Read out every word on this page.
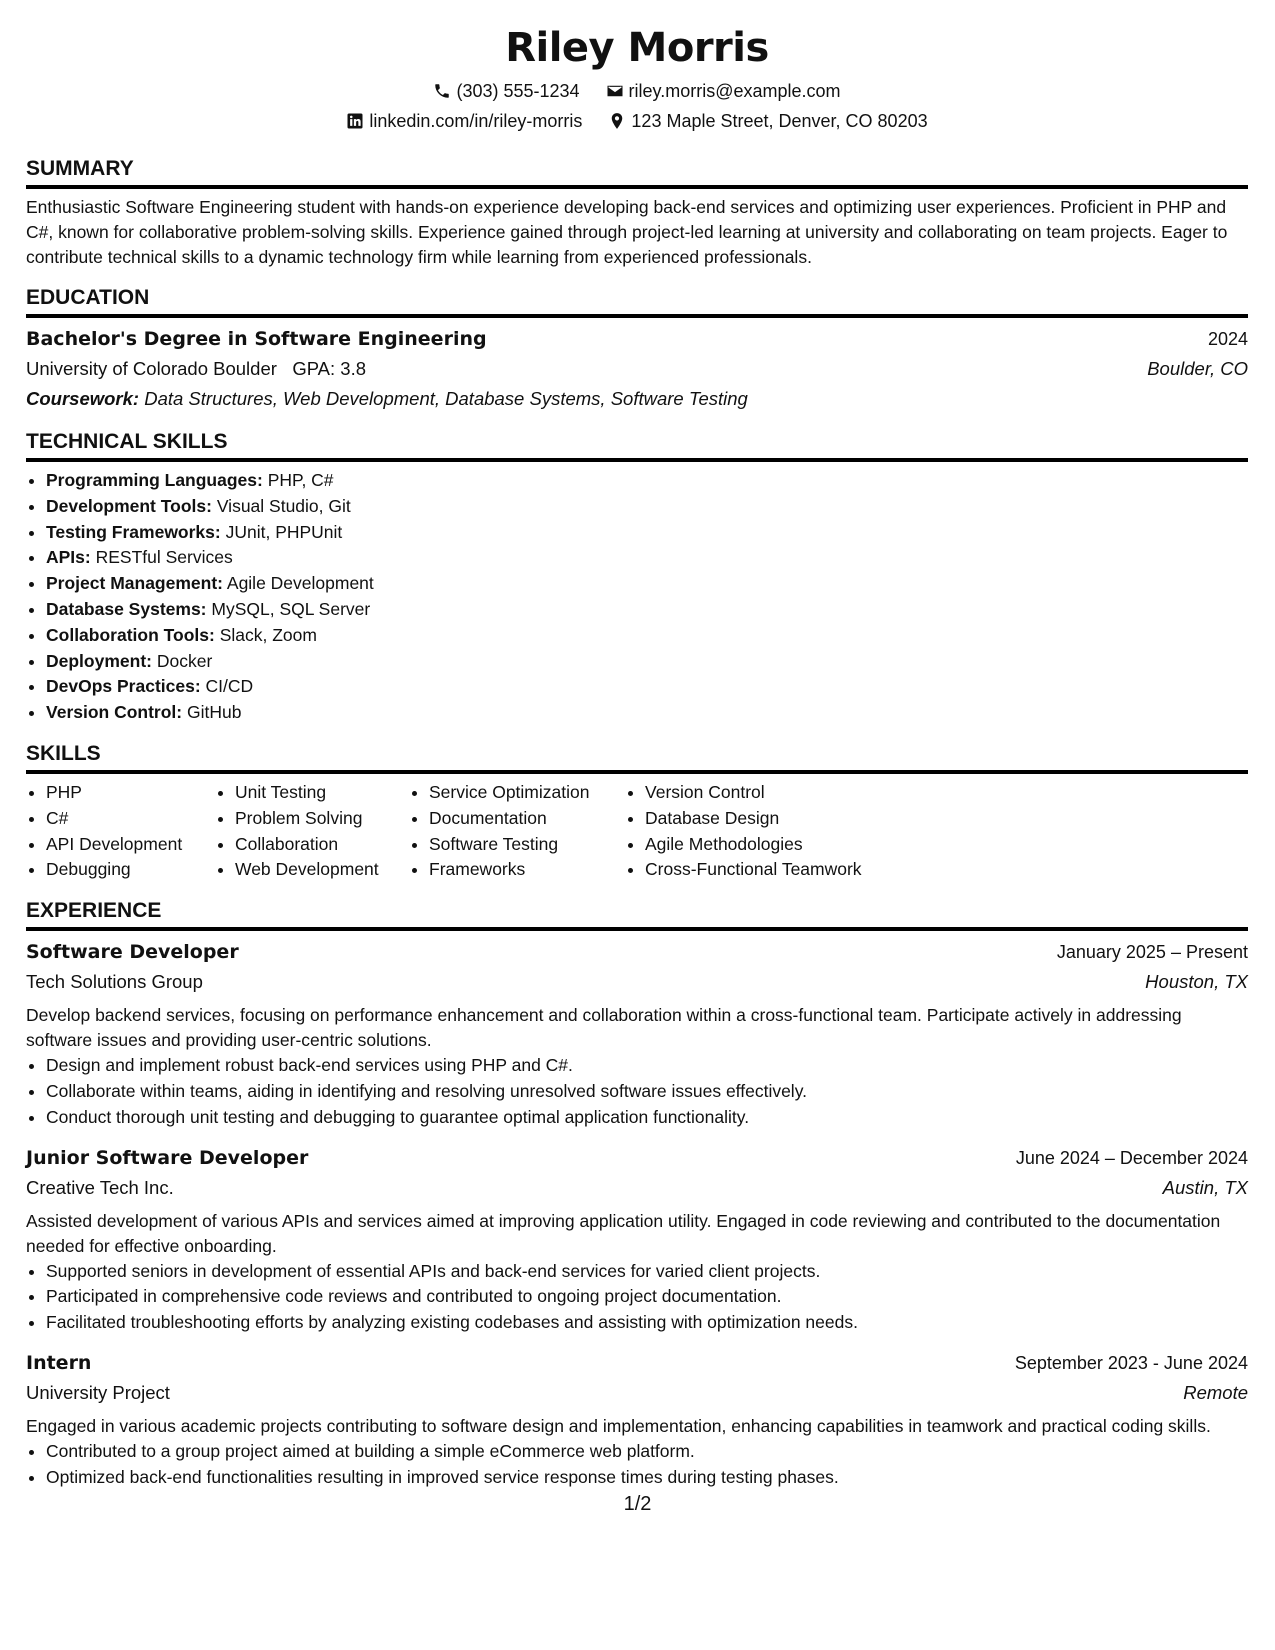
Riley Morris
(303) 555-1234	riley.morris@example.com
linkedin.com/in/riley-morris	123 Maple Street, Denver, CO 80203
SUMMARY

Enthusiastic Software Engineering student with hands-on experience developing back-end services and optimizing user experiences. Proficient in PHP and C#, known for collaborative problem-solving skills. Experience gained through project-led learning at university and collaborating on team projects. Eager to contribute technical skills to a dynamic technology firm while learning from experienced professionals.

EDUCATION
Bachelor's Degree in Software Engineering	2024
University of Colorado Boulder GPA: 3.8	Boulder, CO
Coursework: Data Structures, Web Development, Database Systems, Software Testing
TECHNICAL SKILLS
• Programming Languages: PHP, C#
• Development Tools: Visual Studio, Git
• Testing Frameworks: JUnit, PHPUnit
• APIs: RESTful Services
• Project Management: Agile Development
• Database Systems: MySQL, SQL Server
• Collaboration Tools: Slack, Zoom
• Deployment: Docker
• DevOps Practices: CI/CD
• Version Control: GitHub
SKILLS
• PHP
• C#
• API Development
• Debugging
• Unit Testing
• Problem Solving
• Collaboration
• Web Development
• Service Optimization
• Documentation
• Software Testing
• Frameworks
• Version Control
• Database Design
• Agile Methodologies
• Cross-Functional Teamwork
EXPERIENCE
Software Developer	January 2025 – Present
Tech Solutions Group	Houston, TX

Develop backend services, focusing on performance enhancement and collaboration within a cross-functional team. Participate actively in addressing software issues and providing user-centric solutions.

• Design and implement robust back-end services using PHP and C#.
• Collaborate within teams, aiding in identifying and resolving unresolved software issues effectively.
• Conduct thorough unit testing and debugging to guarantee optimal application functionality.
Junior Software Developer	June 2024 – December 2024
Creative Tech Inc.	Austin, TX

Assisted development of various APIs and services aimed at improving application utility. Engaged in code reviewing and contributed to the documentation needed for effective onboarding.

• Supported seniors in development of essential APIs and back-end services for varied client projects.
• Participated in comprehensive code reviews and contributed to ongoing project documentation.
• Facilitated troubleshooting efforts by analyzing existing codebases and assisting with optimization needs.
Intern	September 2023 - June 2024
University Project	Remote

Engaged in various academic projects contributing to software design and implementation, enhancing capabilities in teamwork and practical coding skills.

• Contributed to a group project aimed at building a simple eCommerce web platform.
• Optimized back-end functionalities resulting in improved service response times during testing phases.
1/2
